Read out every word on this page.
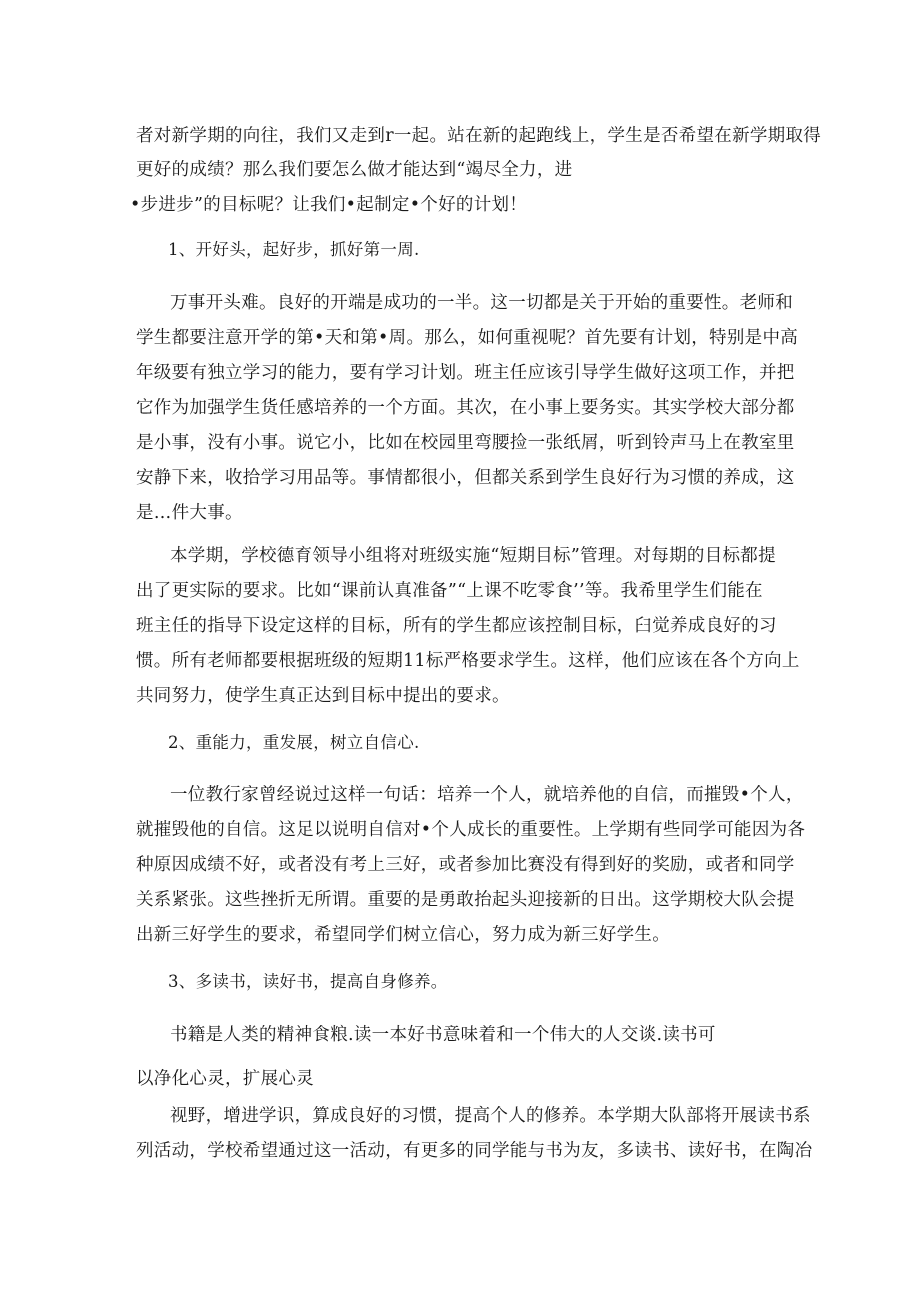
者对新学期的向往，我们又走到r一起。站在新的起跑线上，学生是否希望在新学期取得

更好的成绩？那么我们要怎么做才能达到“竭尽全力，进

•步进步”的目标呢？让我们•起制定•个好的计划！

1、开好头，起好步，抓好第一周.

万事开头难。良好的开端是成功的一半。这一切都是关于开始的重要性。老师和

学生都要注意开学的第•天和第•周。那么，如何重视呢？首先要有计划，特别是中高

年级要有独立学习的能力，要有学习计划。班主任应该引导学生做好这项工作，并把

它作为加强学生货任感培养的一个方面。其次，在小事上要务实。其实学校大部分都

是小事，没有小事。说它小，比如在校园里弯腰捡一张纸屑，听到铃声马上在教室里

安静下来，收拾学习用品等。事情都很小，但都关系到学生良好行为习惯的养成，这

是…件大事。

本学期，学校德育领导小组将对班级实施“短期目标”管理。对每期的目标都提

出了更实际的要求。比如“课前认真准备”“上课不吃零食’’等。我希里学生们能在

班主任的指导下设定这样的目标，所有的学生都应该控制目标，臼觉养成良好的习

惯。所有老师都要根据班级的短期11标严格要求学生。这样，他们应该在各个方向上

共同努力，使学生真正达到目标中提出的要求。

2、重能力，重发展，树立自信心.

一位教行家曾经说过这样一句话：培养一个人，就培养他的自信，而摧毁•个人，

就摧毁他的自信。这足以说明自信对•个人成长的重要性。上学期有些同学可能因为各

种原因成绩不好，或者没有考上三好，或者参加比赛没有得到好的奖励，或者和同学

关系紧张。这些挫折无所谓。重要的是勇敢抬起头迎接新的日出。这学期校大队会提

出新三好学生的要求，希望同学们树立信心，努力成为新三好学生。

3、多读书，读好书，提高自身修养。

书籍是人类的精神食粮.读一本好书意味着和一个伟大的人交谈.读书可

以净化心灵，扩展心灵

视野，增进学识，算成良好的习惯，提高个人的修养。本学期大队部将开展读书系

列活动，学校希望通过这一活动，有更多的同学能与书为友，多读书、读好书，在陶冶
